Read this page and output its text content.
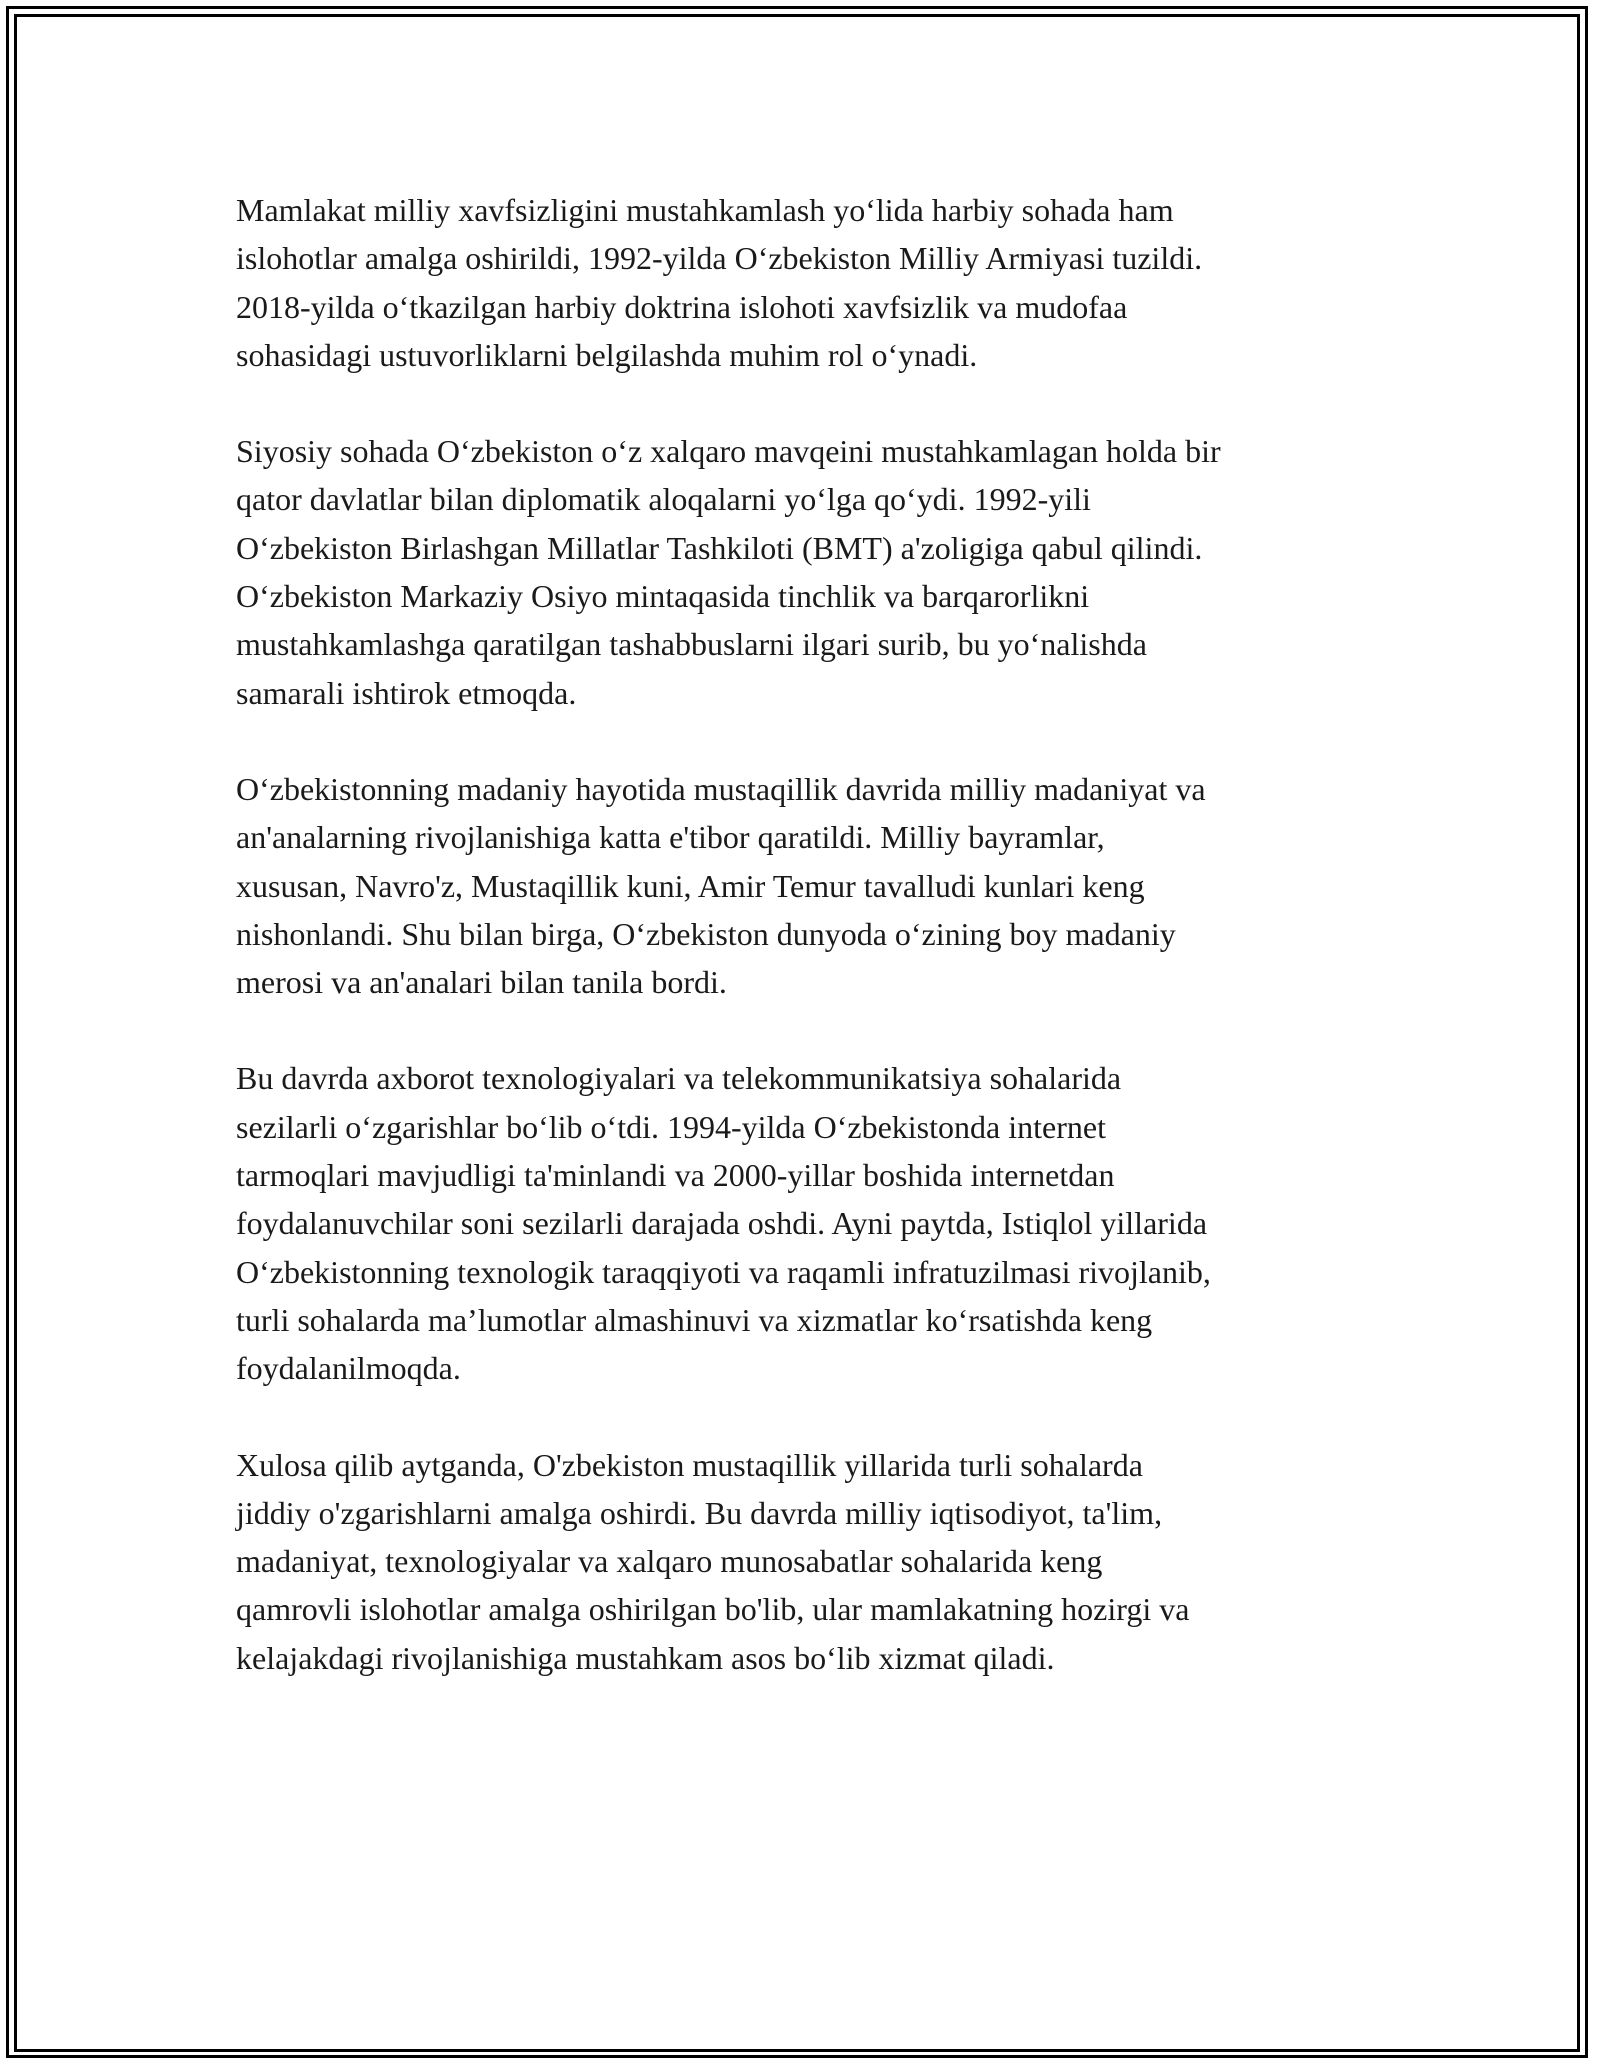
Mamlakat milliy xavfsizligini mustahkamlash yo‘lida harbiy sohada ham
islohotlar amalga oshirildi, 1992-yilda O‘zbekiston Milliy Armiyasi tuzildi.
2018-yilda o‘tkazilgan harbiy doktrina islohoti xavfsizlik va mudofaa
sohasidagi ustuvorliklarni belgilashda muhim rol o‘ynadi.

Siyosiy sohada O‘zbekiston o‘z xalqaro mavqeini mustahkamlagan holda bir
qator davlatlar bilan diplomatik aloqalarni yo‘lga qo‘ydi. 1992-yili
O‘zbekiston Birlashgan Millatlar Tashkiloti (BMT) a'zoligiga qabul qilindi.
O‘zbekiston Markaziy Osiyo mintaqasida tinchlik va barqarorlikni
mustahkamlashga qaratilgan tashabbuslarni ilgari surib, bu yo‘nalishda
samarali ishtirok etmoqda.

O‘zbekistonning madaniy hayotida mustaqillik davrida milliy madaniyat va
an'analarning rivojlanishiga katta e'tibor qaratildi. Milliy bayramlar,
xususan, Navro'z, Mustaqillik kuni, Amir Temur tavalludi kunlari keng
nishonlandi. Shu bilan birga, O‘zbekiston dunyoda o‘zining boy madaniy
merosi va an'analari bilan tanila bordi.

Bu davrda axborot texnologiyalari va telekommunikatsiya sohalarida
sezilarli o‘zgarishlar bo‘lib o‘tdi. 1994-yilda O‘zbekistonda internet
tarmoqlari mavjudligi ta'minlandi va 2000-yillar boshida internetdan
foydalanuvchilar soni sezilarli darajada oshdi. Ayni paytda, Istiqlol yillarida
O‘zbekistonning texnologik taraqqiyoti va raqamli infratuzilmasi rivojlanib,
turli sohalarda ma’lumotlar almashinuvi va xizmatlar ko‘rsatishda keng
foydalanilmoqda.

Xulosa qilib aytganda, O'zbekiston mustaqillik yillarida turli sohalarda
jiddiy o'zgarishlarni amalga oshirdi. Bu davrda milliy iqtisodiyot, ta'lim,
madaniyat, texnologiyalar va xalqaro munosabatlar sohalarida keng
qamrovli islohotlar amalga oshirilgan bo'lib, ular mamlakatning hozirgi va
kelajakdagi rivojlanishiga mustahkam asos bo‘lib xizmat qiladi.
